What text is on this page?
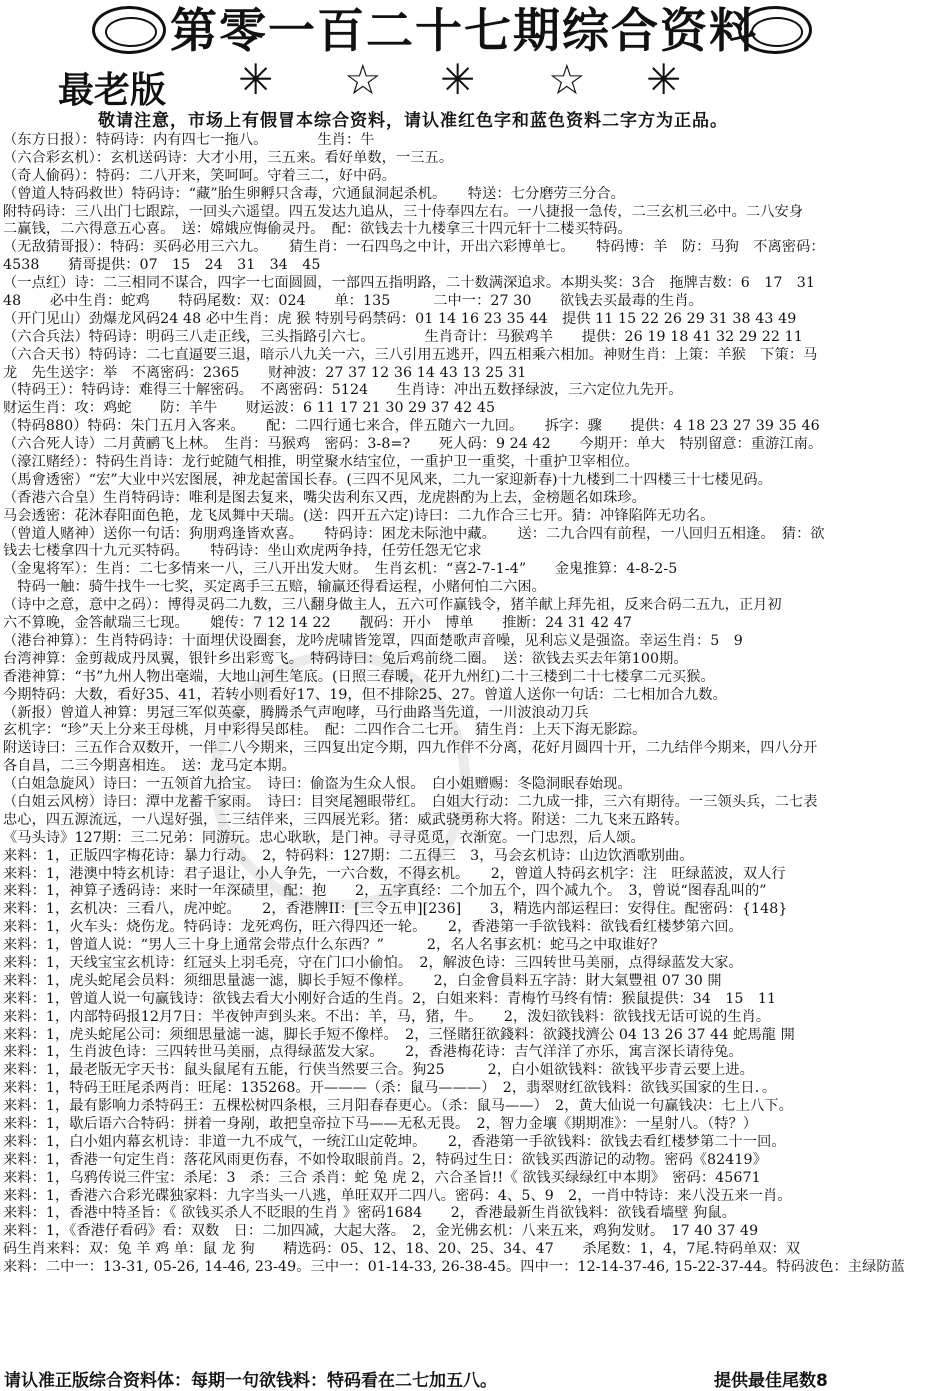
第零一百二十七期综合资料
最老版 ✳ ☆ ✳ ☆ ✳
敬请注意，市场上有假冒本综合资料，请认准红色字和蓝色资料二字方为正品。
（东方日报）：特码诗：内有四七一拖八。　　　　生肖：牛
（六合彩玄机）：玄机送码诗：大才小用，三五来。看好单数，一三五。
（奇人偷码）：特码：二八开来，笑呵呵。守着三二，好中码。
（曾道人特码救世）特码诗：“藏”胎生卵孵只含毒，穴通鼠洞起杀机。　　特送：七分磨劳三分合。
附特码诗：三八出门七跟踪，一回头六遥望。四五发达九追从，三十侍奉四左右。一八捷报一急传，二三玄机三必中。二八安身
二赢钱，二六得意五心喜。　送：嫦娥应悔偷灵丹。　配：欲钱去十九楼拿三十四元轩十二楼买特码。
（无敌猜哥报）：特码：买码必用三六九。　　猜生肖：一石四鸟之中计，开出六彩博单七。　　特码博：羊　防：马狗　不离密码：
4538　　猜哥提供：07　15　24　31　34　45
（一点红）诗：二三相同不谋合，四字一七面圆圆，一部四五指明路，二十数满深追求。本期头奖：3合　拖牌吉数：6　17　31
48　　必中生肖：蛇鸡　　特码尾数：双：024　　单：135　　　二中一：27 30　　欲钱去买最毒的生肖。
（开门见山）劲爆龙风码24 48 必中生肖：虎 猴 特别号码禁码：01 14 16 23 35 44　提供 11 15 22 26 29 31 38 43 49
（六合兵法）特码诗：明码三八走正线，三头指路引六七。　　　　生肖奇计：马猴鸡羊　　提供：26 19 18 41 32 29 22 11
（六合天书）特码诗：二七直逼要三退，暗示八九关一六，三八引用五逃开，四五相乘六相加。神财生肖：上策：羊猴　下策：马
龙　先生送字：举　不离密码：2365　　财神波：27 37 12 36 14 43 13 25 31
（特码王）：特码诗：难得三十解密码。　不离密码：5124　　生肖诗：冲出五数择绿波，三六定位九先开。
财运生肖：攻：鸡蛇　　防：羊牛　　财运波：6 11 17 21 30 29 37 42 45
（特码880）特码：朱门五月入客来。　　配：二四行通七来合，伴五随六一九回。　　拆字：骤　　提供：4 18 23 27 39 35 46
（六合死人诗）二月黄鹂飞上林。　生肖：马猴鸡　密码：3-8=?　　死人码：9 24 42　　今期开：单大　特别留意：重游江南。
（濠江赌经）：特码生肖诗：龙行蛇随气相推，明堂聚水结宝位，一重护卫一重奖，十重护卫宰相位。
（馬會透密）“宏”大业中兴宏图展，神龙起蕾国长春。(三四不见风来，二九一家迎新春)十九楼到二十四楼三十七楼见码。
（香港六合皇）生肖特码诗：唯利是图去复来，嘴尖齿利东又西，龙虎斟酌为上去，金榜题名如珠珍。
马会透密：花沐春阳面色艳，龙飞凤舞中天瑞。(送：四开五六定)诗曰：二九作合三七开。猜：冲锋陷阵无功名。
（曾道人赌神）送你一句话：狗朋鸡逢皆欢喜。　　特码诗：困龙未际池中藏。　　送：二九合四有前程，一八回归五相逢。　猜：欲
钱去七楼拿四十九元买特码。　　特码诗：坐山欢虎两争持，任劳任怨无它求
（金鬼将军）：生肖：二七多情来一八，三八开出发大财。　生肖玄机：“喜2-7-1-4”　　金鬼推算：4-8-2-5
　特码一触：骑牛找牛一七奖，买定离手三五赔，输赢还得看运程，小赌何怕二六困。
（诗中之意，意中之码）：博得灵码二九数，三八翻身做主人，五六可作赢钱令，猪羊献上拜先祖，反来合码二五九，正月初
六不算晚，金答献瑞三七现。　　媲传：7 12 14 22　　靓码：开小　博单　　推断：24 31 42 47
（港台神算）：生肖特码诗：十面埋伏设圈套，龙吟虎啸皆笼罩，四面楚歌声音噪，见利忘义是强盗。幸运生肖：5　9
台湾神算：金剪裁成丹凤翼，银针乡出彩鸾飞。　特码诗曰：兔后鸡前绕二圈。　送：欲钱去买去年第100期。
香港神算：“书”九州人物出毫端，大地山河生笔底。(日照三春暖，花开九州红)二十三楼到二十七楼拿二元买猴。
今期特码：大数，看好35、41，若转小则看好17、19，但不排除25、27。曾道人送你一句话：二七相加合九数。
（新报）曾道人神算：男冠三军似英豪，腾腾杀气声咆哮，马行曲路当先道，一川波浪动刀兵
玄机字：“珍”天上分来王母桃，月中彩得吴郎桂。　配：二四作合二七开。　猜生肖：上天下海无影踪。
附送诗曰：三五作合双数开，一伴二八今期来，三四复出定今期，四九作伴不分离，花好月圆四十开，二九结伴今期来，四八分开
各自昌，二三今期喜相连。　送：龙马定本期。
（白姐急旋风）诗曰：一五领首九拾宝。　诗曰：偷盗为生众人恨。　白小姐赠赐：冬隐洞眠春始现。
（白姐云风榜）诗曰：潭中龙蓄千家雨。　诗曰：目突尾翘眼带红。　白姐大行动：二九成一排，三六有期待。一三领头兵，二七表
忠心，四五源流远，一八逞好强，二三结伴来，三四展光彩。猪：威武骁勇称大将。附送：二九飞来五路转。
《马头诗》127期：三二兄弟：同游玩。忠心耿耿，是门神。寻寻觅觅，衣渐宽。一门忠烈，后人颂。
来料：1，正版四字梅花诗：暴力行动。　2，特码料：127期：二五得三　3，马会玄机诗：山边饮酒歌别曲。
来料：1，港澳中特玄机诗：君子退让，小人争先，一六合数，不得玄机。　　2，曾道人特码玄机字：注　旺绿蓝波，双人行
来料：1，神算子透码诗：来时一年深碛里，配：抱　　2，五字真经：二个加五个，四个减九个。　3，曾说“图春乱叫的”
来料：1，玄机决：三看八，虎冲蛇。　　2，香港牌II：[三令五申][236]　　3，精选内部运程曰：安得住。配密码：{148}
来料：1，火车头：烧伤龙。特码诗：龙死鸡伤，旺六得四还一轮。　　2，香港第一手欲钱料：欲钱看红楼梦第六回。
来料：1，曾道人说：“男人三十身上通常会带点什么东西？”　　　2，名人名事玄机：蛇马之中取谁好？
来料：1，天线宝宝玄机诗：红冠头上羽毛亮，守在门口小偷怕。　2，解波色诗：三四转世马美丽，点得绿蓝发大家。
来料：1，虎头蛇尾会员料：须细思量滤一滤，脚长手短不像样。　　2，白金會員料五字詩：財大氣豐祖 07 30 開
来料：1，曾道人说一句赢钱诗：欲钱去看大小刚好合适的生肖。2，白姐来料：青梅竹马终有情：猴鼠提供：34　15　11
来料：1，内部特码报12月7日：半夜钟声到头来。不出：羊，马，猪，牛。　　2，泼妇欲钱料：欲钱找无话可说的生肖。
来料：1，虎头蛇尾公司：须细思量滤一滤，脚长手短不像样。　2，三怪賭狂欲錢料：欲錢找濟公 04 13 26 37 44 蛇馬龍 開
来料：1，生肖波色诗：三四转世马美丽，点得绿蓝发大家。　　2，香港梅花诗：吉气洋洋了亦乐，寓言深长请待兔。
来料：1，最老版无字天书：鼠头鼠尾有五能，行侠当然要三合。狗25　　　2，白小姐欲钱料：欲钱平步青云要上进。
来料：1，特码王旺尾杀两肖：旺尾：135268。开———（杀：鼠马———）　2，翡翠财红欲钱料：欲钱买国家的生日．。
来料：1，最有影响力杀特码王：五棵松树四条根，三月阳春春更心。（杀：鼠马——）　2，黄大仙说一句赢钱决：七上八下。
来料：1，歇后语六合特码：拼着一身剐，敢把皇帝拉下马——无私无畏。　2，智力金壤《期期准》：一星射八。（特？）
来料：1，白小姐内幕玄机诗：非道一九不成气，一统江山定乾坤。　　2，香港第一手欲钱料：欲钱去看红楼梦第二十一回。
来料：1，香港一句定生肖：落花风雨更伤春，不如怜取眼前肖。2，特码过生日：欲钱买西游记的动物。密码《82419》
来料：1，乌鸦传说三件宝：杀尾：3　杀：三合 杀肖：蛇 兔 虎 2，六合圣旨!!《 欲钱买绿绿红中本期》　密码：45671
来料：1，香港六合彩光碟独家料：九字当头一八逃，单旺双开二四八。密码：4、5、9　2，一肖中特诗：来八没五来一肖。
来料：1，香港中特圣旨：《 欲钱买杀人不眨眼的生肖 》密码1684　　2，香港最新生肖欲钱料：欲钱看墙壁 狗鼠。
来料：1，《香港仔看码》看：双数　日：二加四减，大起大落。　2，金光佛玄机：八来五来，鸡狗发财。　17 40 37 49
码生肖来料：双：兔 羊 鸡 单：鼠 龙 狗　　精选码：05、12、18、20、25、34、47　　杀尾数：1，4，7尾.特码单双：双
来料：二中一：13-31, 05-26, 14-46, 23-49。三中一：01-14-33, 26-38-45。四中一：12-14-37-46, 15-22-37-44。特码波色：主绿防蓝
请认准正版综合资料体：每期一句欲钱料：特码看在二七加五八。	提供最佳尾数8
